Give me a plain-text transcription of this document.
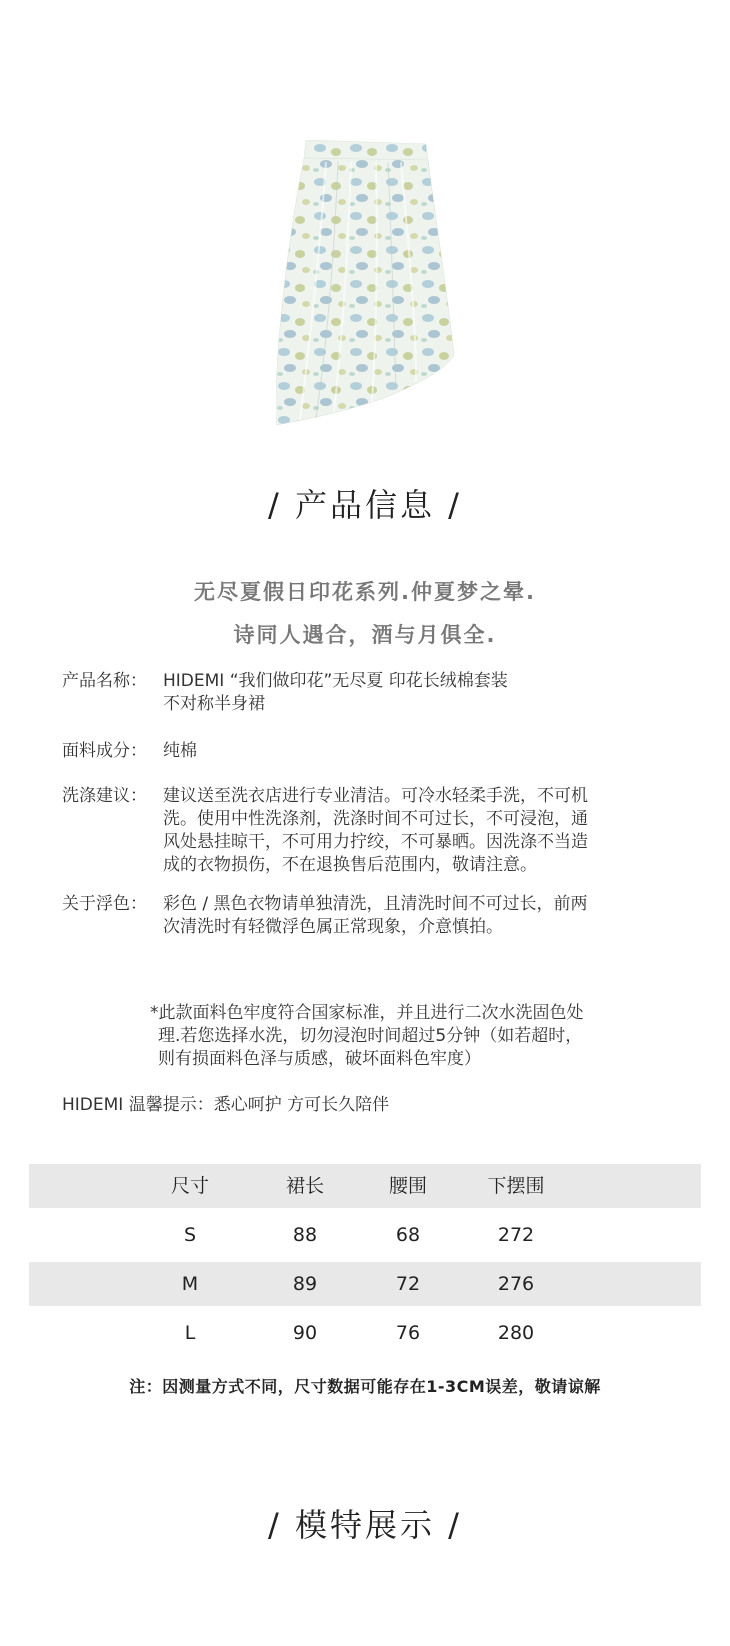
/ 产品信息 /
无尽夏假日印花系列.仲夏梦之晕.
诗同人遇合，酒与月俱全.
产品名称： HIDEMI “我们做印花”无尽夏 印花长绒棉套装
不对称半身裙
面料成分： 纯棉
洗涤建议： 建议送至洗衣店进行专业清洁。可冷水轻柔手洗，不可机
洗。使用中性洗涤剂，洗涤时间不可过长，不可浸泡，通
风处悬挂晾干，不可用力拧绞，不可暴晒。因洗涤不当造
成的衣物损伤，不在退换售后范围内，敬请注意。
关于浮色： 彩色 / 黑色衣物请单独清洗，且清洗时间不可过长，前两
次清洗时有轻微浮色属正常现象，介意慎拍。
*此款面料色牢度符合国家标准，并且进行二次水洗固色处
理.若您选择水洗，切勿浸泡时间超过5分钟（如若超时，
则有损面料色泽与质感，破坏面料色牢度）
HIDEMI 温馨提示：悉心呵护 方可长久陪伴
尺寸	裙长	腰围	下摆围
S	88	68	272
M	89	72	276
L	90	76	280
注：因测量方式不同，尺寸数据可能存在1-3CM误差，敬请谅解
/ 模特展示 /
